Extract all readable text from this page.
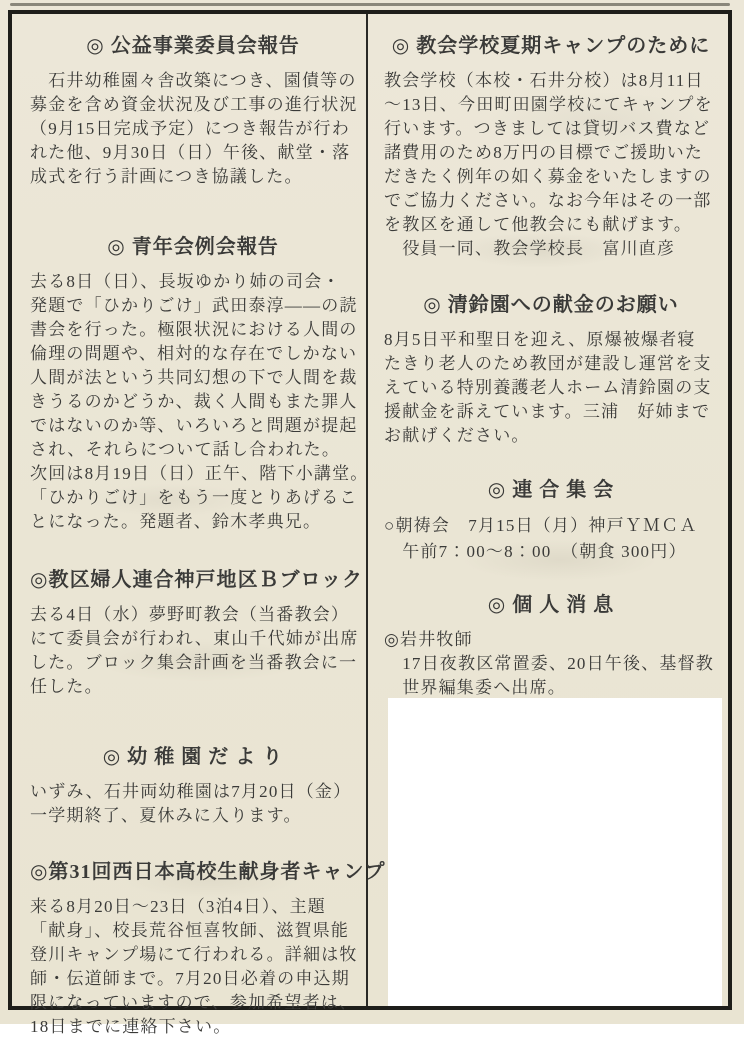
◎ 公益事業委員会報告
　石井幼稚園々舎改築につき、園債等の
募金を含め資金状況及び工事の進行状況
（9月15日完成予定）につき報告が行わ
れた他、9月30日（日）午後、献堂・落
成式を行う計画につき協議した。
◎ 青年会例会報告
去る8日（日）、長坂ゆかり姉の司会・
発題で「ひかりごけ」武田泰淳——の読
書会を行った。極限状況における人間の
倫理の問題や、相対的な存在でしかない
人間が法という共同幻想の下で人間を裁
きうるのかどうか、裁く人間もまた罪人
ではないのか等、いろいろと問題が提起
され、それらについて話し合われた。
次回は8月19日（日）正午、階下小講堂。
「ひかりごけ」をもう一度とりあげるこ
とになった。発題者、鈴木孝典兄。
◎教区婦人連合神戸地区Ｂブロック
去る4日（水）夢野町教会（当番教会）
にて委員会が行われ、東山千代姉が出席
した。ブロック集会計画を当番教会に一
任した。
◎ 幼 稚 園 だ よ り
いずみ、石井両幼稚園は7月20日（金）
一学期終了、夏休みに入ります。
◎第31回西日本高校生献身者キャンプ
来る8月20日～23日（3泊4日）、主題
「献身」、校長荒谷恒喜牧師、滋賀県能
登川キャンプ場にて行われる。詳細は牧
師・伝道師まで。7月20日必着の申込期
限になっていますので、参加希望者は、
18日までに連絡下さい。
◎ 教会学校夏期キャンプのために
教会学校（本校・石井分校）は8月11日
～13日、今田町田園学校にてキャンプを
行います。つきましては貸切バス費など
諸費用のため8万円の目標でご援助いた
だきたく例年の如く募金をいたしますの
でご協力ください。なお今年はその一部
を教区を通して他教会にも献げます。
　役員一同、教会学校長　富川直彦
◎ 清鈴園への献金のお願い
8月5日平和聖日を迎え、原爆被爆者寝
たきり老人のため教団が建設し運営を支
えている特別養護老人ホーム清鈴園の支
援献金を訴えています。三浦　好姉まで
お献げください。
◎ 連 合 集 会
○朝祷会　7月15日（月）神戸ＹＭＣＡ
　午前7：00～8：00　（朝食 300円）
◎ 個 人 消 息
◎岩井牧師
　17日夜教区常置委、20日午後、基督教
　世界編集委へ出席。
